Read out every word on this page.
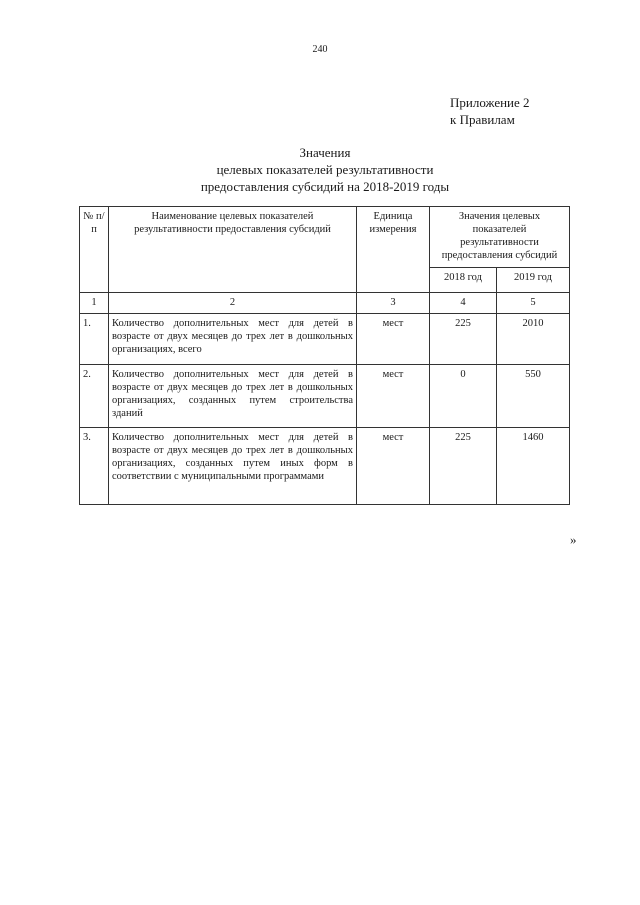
240
Приложение 2
к Правилам
Значения
целевых показателей результативности
предоставления субсидий на 2018-2019 годы
№ п/п	Наименование целевых показателей результативности предоставления субсидий	Единица измерения	Значения целевых показателей результативности предоставления субсидий	
			2018 год	2019 год
1	2	3	4	5
1.	Количество дополнительных мест для детей в возрасте от двух месяцев до трех лет в дошкольных организациях, всего	мест	225	2010
2.	Количество дополнительных мест для детей в возрасте от двух месяцев до трех лет в дошкольных организациях, созданных путем строительства зданий	мест	0	550
3.	Количество дополнительных мест для детей в возрасте от двух месяцев до трех лет в дошкольных организациях, созданных путем иных форм в соответствии с муниципальными программами	мест	225	1460
»
